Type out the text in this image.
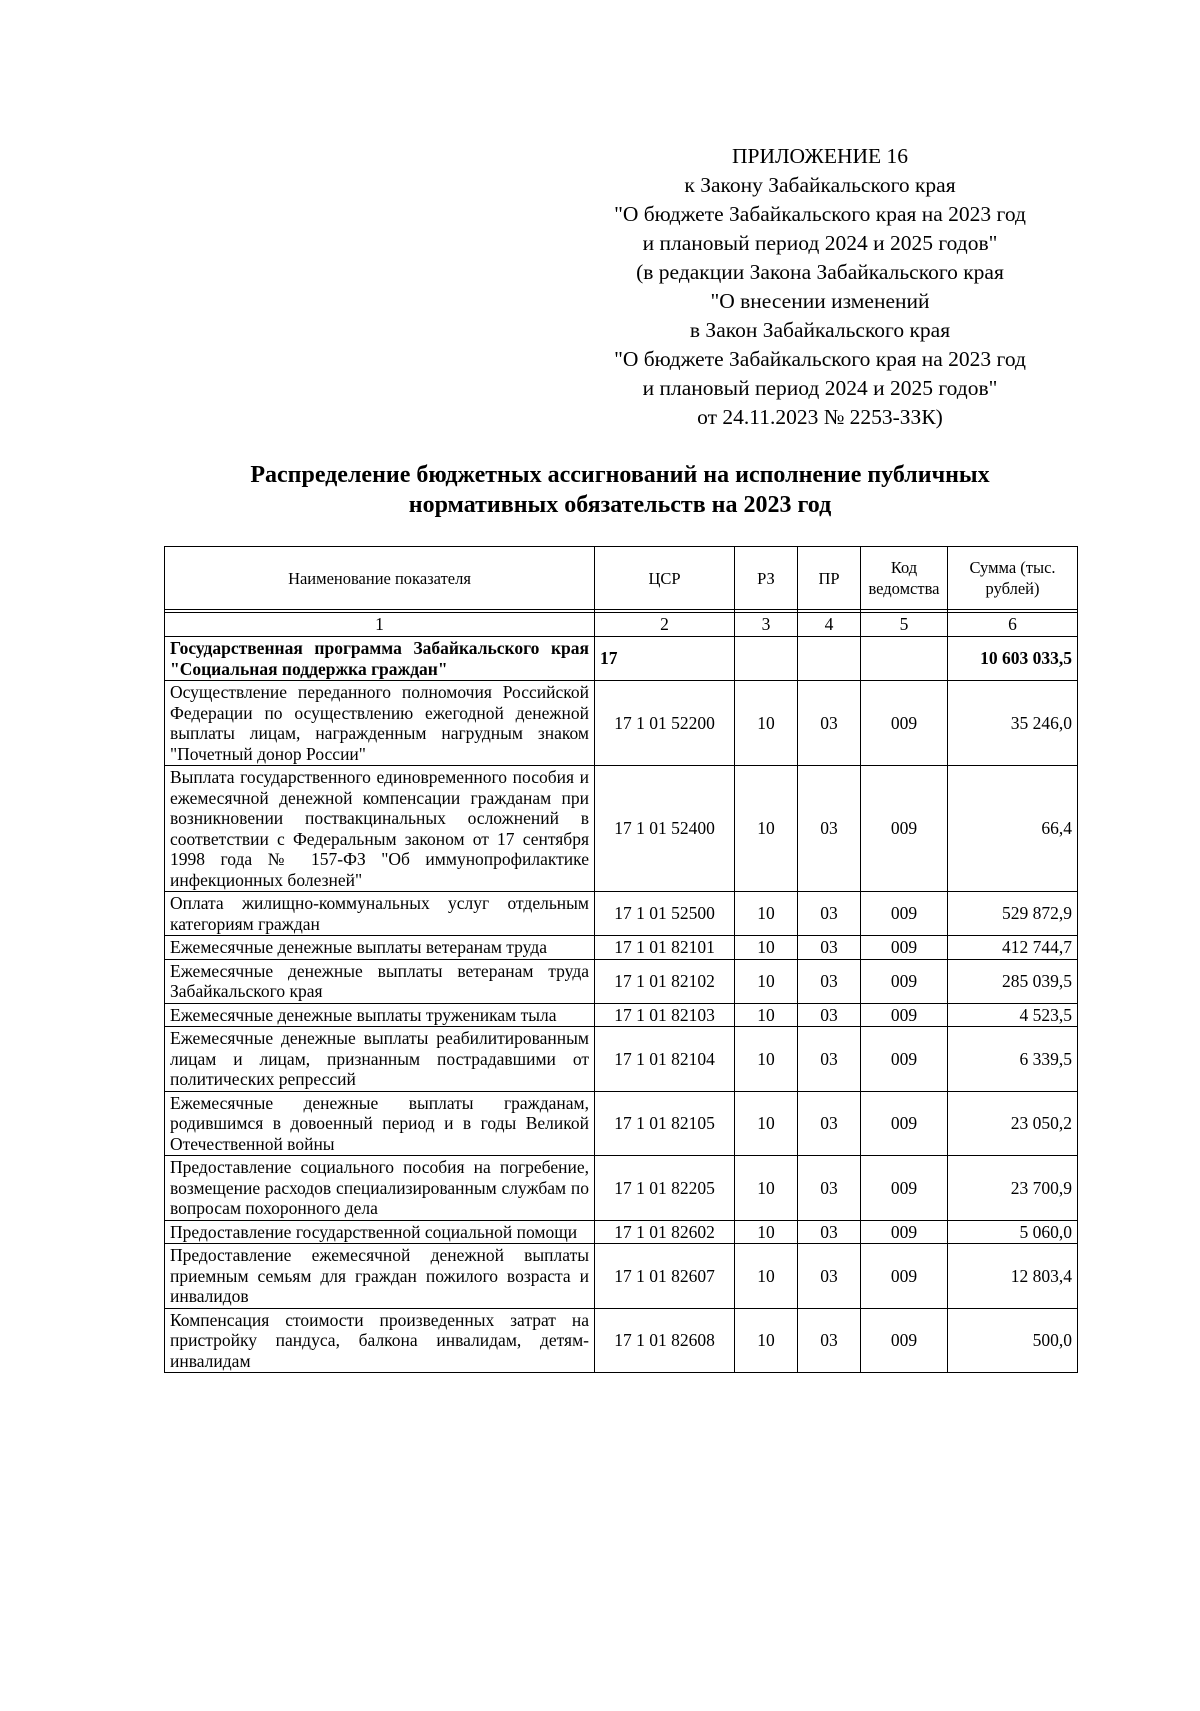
ПРИЛОЖЕНИЕ 16
к Закону Забайкальского края
"О бюджете Забайкальского края на 2023 год
и плановый период 2024 и 2025 годов"
(в редакции Закона Забайкальского края
"О внесении изменений
в Закон Забайкальского края
"О бюджете Забайкальского края на 2023 год
и плановый период 2024 и 2025 годов"
от 24.11.2023 № 2253-ЗЗК)
Распределение бюджетных ассигнований на исполнение публичных
нормативных обязательств на 2023 год
Наименование показателя	ЦСР	РЗ	ПР	Код ведомства	Сумма (тыс. рублей)

1	2	3	4	5	6
Государственная программа Забайкальского края "Социальная поддержка граждан"	17				10 603 033,5
Осуществление переданного полномочия Российской Федерации по осуществлению ежегодной денежной выплаты лицам, награжденным нагрудным знаком "Почетный донор России"	17 1 01 52200	10	03	009	35 246,0
Выплата государственного единовременного пособия и ежемесячной денежной компенсации гражданам при возникновении поствакцинальных осложнений в соответствии с Федеральным законом от 17 сентября 1998 года № 157-ФЗ "Об иммунопрофилактике инфекционных болезней"	17 1 01 52400	10	03	009	66,4
Оплата жилищно-коммунальных услуг отдельным категориям граждан	17 1 01 52500	10	03	009	529 872,9
Ежемесячные денежные выплаты ветеранам труда	17 1 01 82101	10	03	009	412 744,7
Ежемесячные денежные выплаты ветеранам труда Забайкальского края	17 1 01 82102	10	03	009	285 039,5
Ежемесячные денежные выплаты труженикам тыла	17 1 01 82103	10	03	009	4 523,5
Ежемесячные денежные выплаты реабилитированным лицам и лицам, признанным пострадавшими от политических репрессий	17 1 01 82104	10	03	009	6 339,5
Ежемесячные денежные выплаты гражданам, родившимся в довоенный период и в годы Великой Отечественной войны	17 1 01 82105	10	03	009	23 050,2
Предоставление социального пособия на погребение, возмещение расходов специализированным службам по вопросам похоронного дела	17 1 01 82205	10	03	009	23 700,9
Предоставление государственной социальной помощи	17 1 01 82602	10	03	009	5 060,0
Предоставление ежемесячной денежной выплаты приемным семьям для граждан пожилого возраста и инвалидов	17 1 01 82607	10	03	009	12 803,4
Компенсация стоимости произведенных затрат на пристройку пандуса, балкона инвалидам, детям-инвалидам	17 1 01 82608	10	03	009	500,0
